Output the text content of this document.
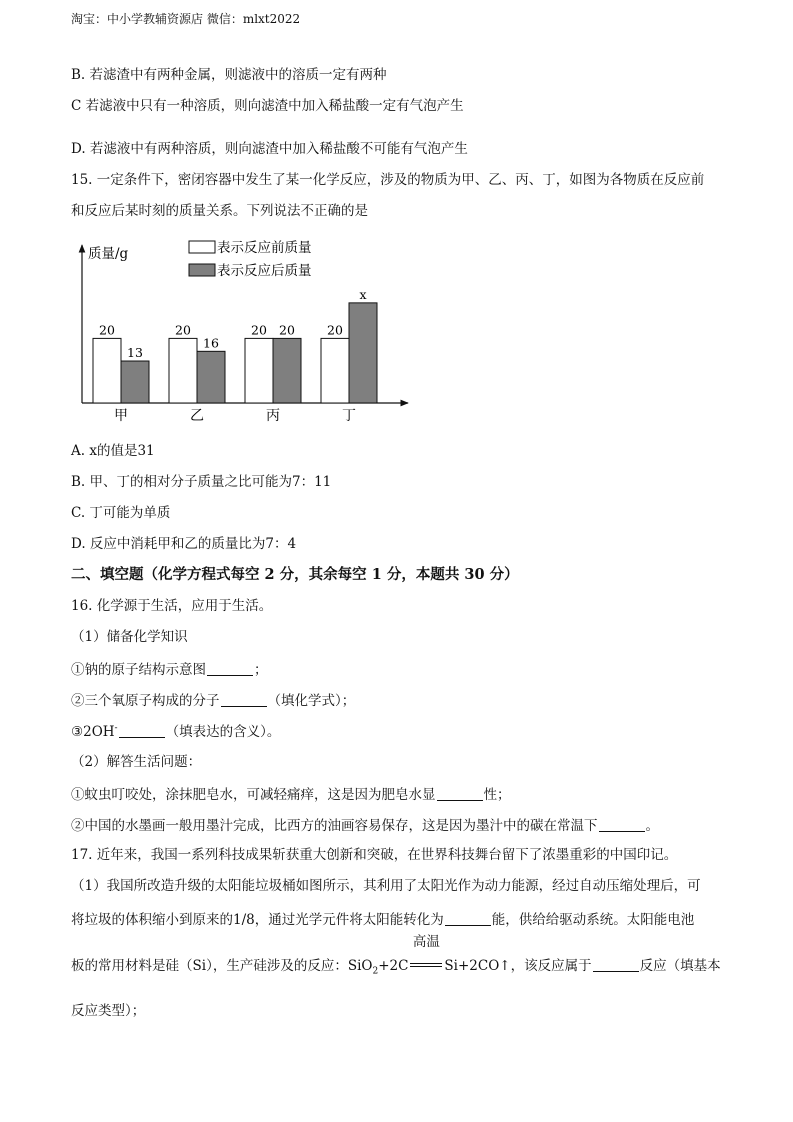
淘宝：中小学教辅资源店 微信：mlxt2022
B. 若滤渣中有两种金属，则滤液中的溶质一定有两种
C 若滤液中只有一种溶质，则向滤渣中加入稀盐酸一定有气泡产生
D. 若滤液中有两种溶质，则向滤渣中加入稀盐酸不可能有气泡产生
15. 一定条件下，密闭容器中发生了某一化学反应，涉及的物质为甲、乙、丙、丁，如图为各物质在反应前
和反应后某时刻的质量关系。下列说法不正确的是
质量/g	表示反应前质量
表示反应后质量
20
13
甲
20
16
乙
20 20
丙
20
x
丁
A. x的值是31
B. 甲、丁的相对分子质量之比可能为7：11
C. 丁可能为单质
D. 反应中消耗甲和乙的质量比为7：4
二、填空题（化学方程式每空 2 分，其余每空 1 分，本题共 30 分）
16. 化学源于生活，应用于生活。
（1）储备化学知识
①钠的原子结构示意图	；
②三个氧原子构成的分子	（填化学式）；
③2OH-	（填表达的含义）。
（2）解答生活问题：
①蚊虫叮咬处，涂抹肥皂水，可减轻痛痒，这是因为肥皂水显	性；
②中国的水墨画一般用墨汁完成，比西方的油画容易保存，这是因为墨汁中的碳在常温下	。
17. 近年来，我国一系列科技成果斩获重大创新和突破，在世界科技舞台留下了浓墨重彩的中国印记。
（1）我国所改造升级的太阳能垃圾桶如图所示，其利用了太阳光作为动力能源，经过自动压缩处理后，可
将垃圾的体积缩小到原来的1/8，通过光学元件将太阳能转化为	能，供给给驱动系统。太阳能电池
板的常用材料是硅（Si），生产硅涉及的反应：SiO$_2$+2C
高温
Si+2CO↑，该反应属于	反应（填基本
反应类型）；
